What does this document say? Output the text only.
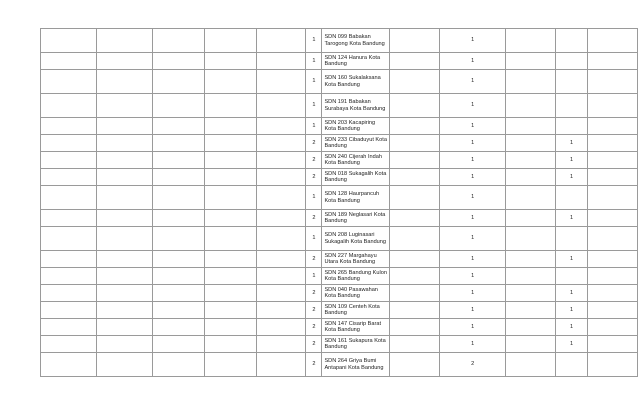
					1	SDN 099 Babakan Tarogong Kota Bandung		1			
					1	SDN 124 Hanura Kota Bandung		1			
					1	SDN 160 Sukalaksana Kota Bandung		1			
					1	SDN 191 Babakan Surabaya Kota Bandung		1			
					1	SDN 203 Kacapiring Kota Bandung		1			
					2	SDN 233 Cibaduyut Kota Bandung		1		1	
					2	SDN 240 Cijerah Indah Kota Bandung		1		1	
					2	SDN 018 Sukagalih Kota Bandung		1		1	
					1	SDN 128 Haurpancuh Kota Bandung		1			
					2	SDN 189 Neglasari Kota Bandung		1		1	
					1	SDN 208 Luginasari Sukagalih Kota Bandung		1			
					2	SDN 227 Margahayu Utara Kota Bandung		1		1	
					1	SDN 265 Bandung Kulon Kota Bandung		1			
					2	SDN 040 Pasawahan Kota Bandung		1		1	
					2	SDN 109 Centeh Kota Bandung		1		1	
					2	SDN 147 Cisarip Barat Kota Bandung		1		1	
					2	SDN 161 Sukapura Kota Bandung		1		1	
					2	SDN 264 Griya Bumi Antapani Kota Bandung		2			
